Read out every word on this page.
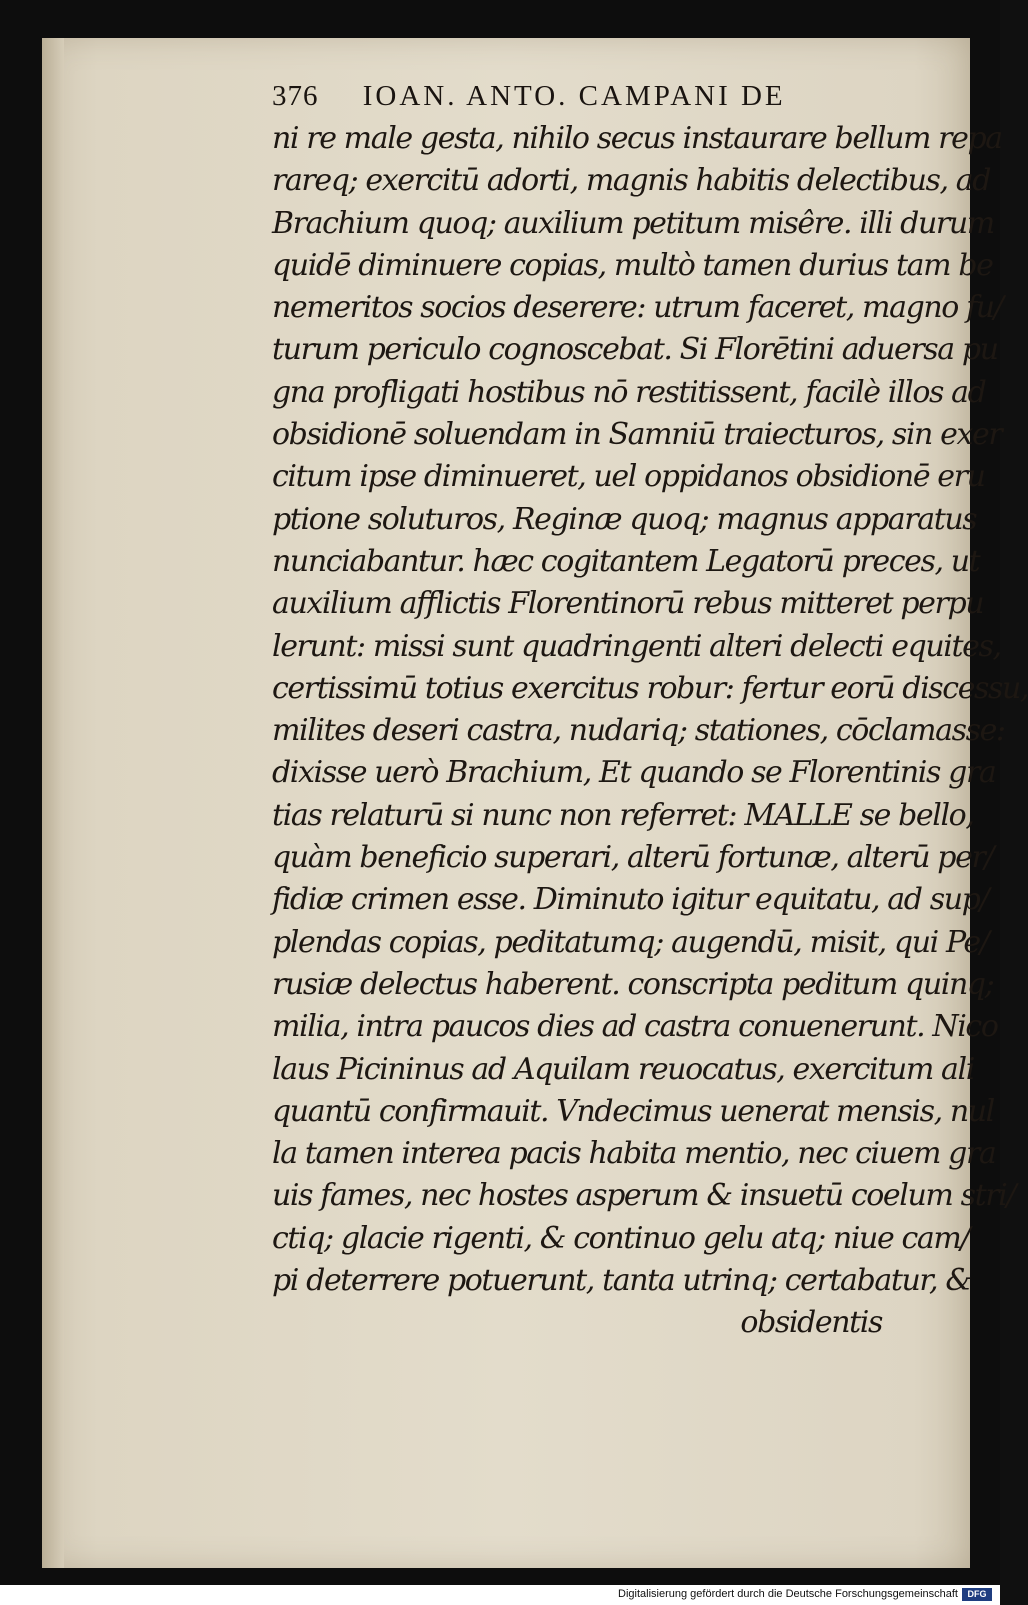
376 IOAN. ANTO. CAMPANI DE
ni re male gesta, nihilo secus instaurare bellum repa
rareq; exercitū adorti, magnis habitis delectibus, ad
Brachium quoq; auxilium petitum misêre. illi durum
quidē diminuere copias, multò tamen durius tam be
nemeritos socios deserere: utrum faceret, magno fu/
turum periculo cognoscebat. Si Florētini aduersa pu
gna profligati hostibus nō restitissent, facilè illos ad
obsidionē soluendam in Samniū traiecturos, sin exer
citum ipse diminueret, uel oppidanos obsidionē eru
ptione soluturos, Reginæ quoq; magnus apparatus
nunciabantur. hæc cogitantem Legatorū preces, ut
auxilium afflictis Florentinorū rebus mitteret perpu
lerunt: missi sunt quadringenti alteri delecti equites,
certissimū totius exercitus robur: fertur eorū discessu,
milites deseri castra, nudariq; stationes, cōclamasse:
dixisse uerò Brachium, Et quando se Florentinis gra
tias relaturū si nunc non referret: MALLE se bello,
quàm beneficio superari, alterū fortunæ, alterū per/
fidiæ crimen esse. Diminuto igitur equitatu, ad sup/
plendas copias, peditatumq; augendū, misit, qui Pe/
rusiæ delectus haberent. conscripta peditum quinq;
milia, intra paucos dies ad castra conuenerunt. Nico
laus Picininus ad Aquilam reuocatus, exercitum ali
quantū confirmauit. Vndecimus uenerat mensis, nul
la tamen interea pacis habita mentio, nec ciuem gra
uis fames, nec hostes asperum & insuetū coelum stri/
ctiq; glacie rigenti, & continuo gelu atq; niue cam/
pi deterrere potuerunt, tanta utrinq; certabatur, &
obsidentis
Digitalisierung gefördert durch die Deutsche Forschungsgemeinschaft	DFG
